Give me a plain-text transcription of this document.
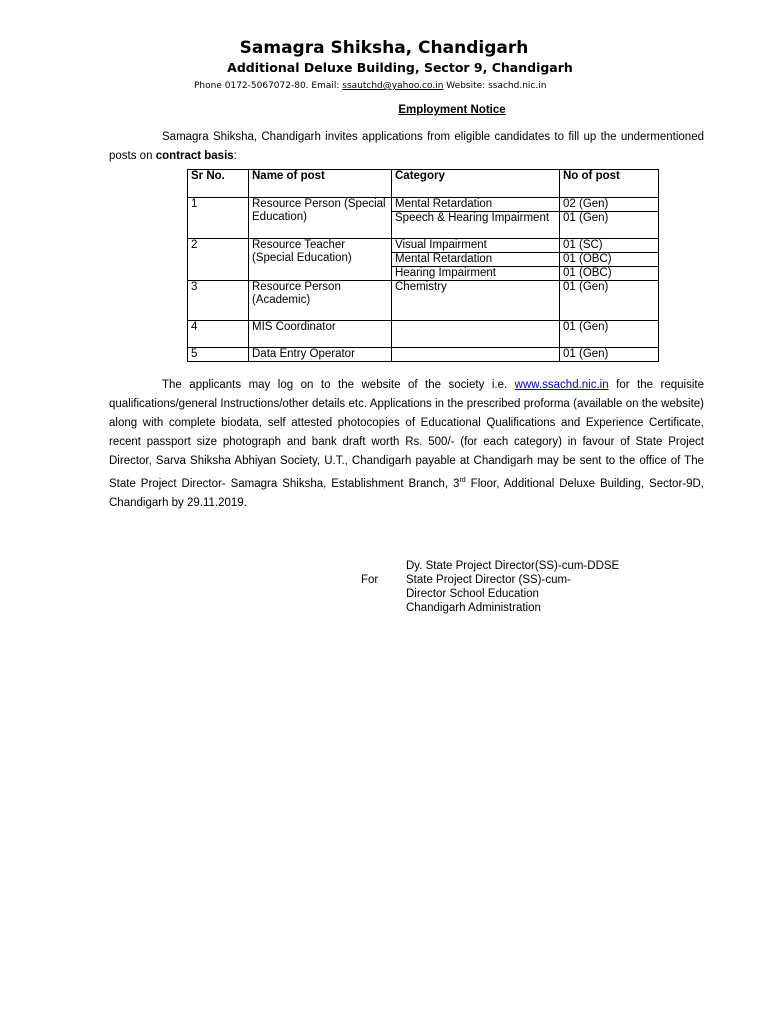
Samagra Shiksha, Chandigarh
Additional Deluxe Building, Sector 9, Chandigarh
Phone 0172-5067072-80. Email: ssautchd@yahoo.co.in Website: ssachd.nic.in
Employment Notice
Samagra Shiksha, Chandigarh invites applications from eligible candidates to fill up the undermentioned posts on contract basis:
Sr No.	Name of post	Category	No of post
1	Resource Person (Special Education)	Mental Retardation	02 (Gen)
		Speech & Hearing Impairment	01 (Gen)
2	Resource Teacher (Special Education)	Visual Impairment	01 (SC)
		Mental Retardation	01 (OBC)
		Hearing Impairment	01 (OBC)
3	Resource Person (Academic)	Chemistry	01 (Gen)
4	MIS Coordinator		01 (Gen)
5	Data Entry Operator		01 (Gen)
The applicants may log on to the website of the society i.e. www.ssachd.nic.in for the requisite qualifications/general Instructions/other details etc. Applications in the prescribed proforma (available on the website) along with complete biodata, self attested photocopies of Educational Qualifications and Experience Certificate, recent passport size photograph and bank draft worth Rs. 500/- (for each category) in favour of State Project Director, Sarva Shiksha Abhiyan Society, U.T., Chandigarh payable at Chandigarh may be sent to the office of The State Project Director- Samagra Shiksha, Establishment Branch, 3rd Floor, Additional Deluxe Building, Sector-9D, Chandigarh by 29.11.2019.
Dy. State Project Director(SS)-cum-DDSE
For State Project Director (SS)-cum-
Director School Education
Chandigarh Administration
